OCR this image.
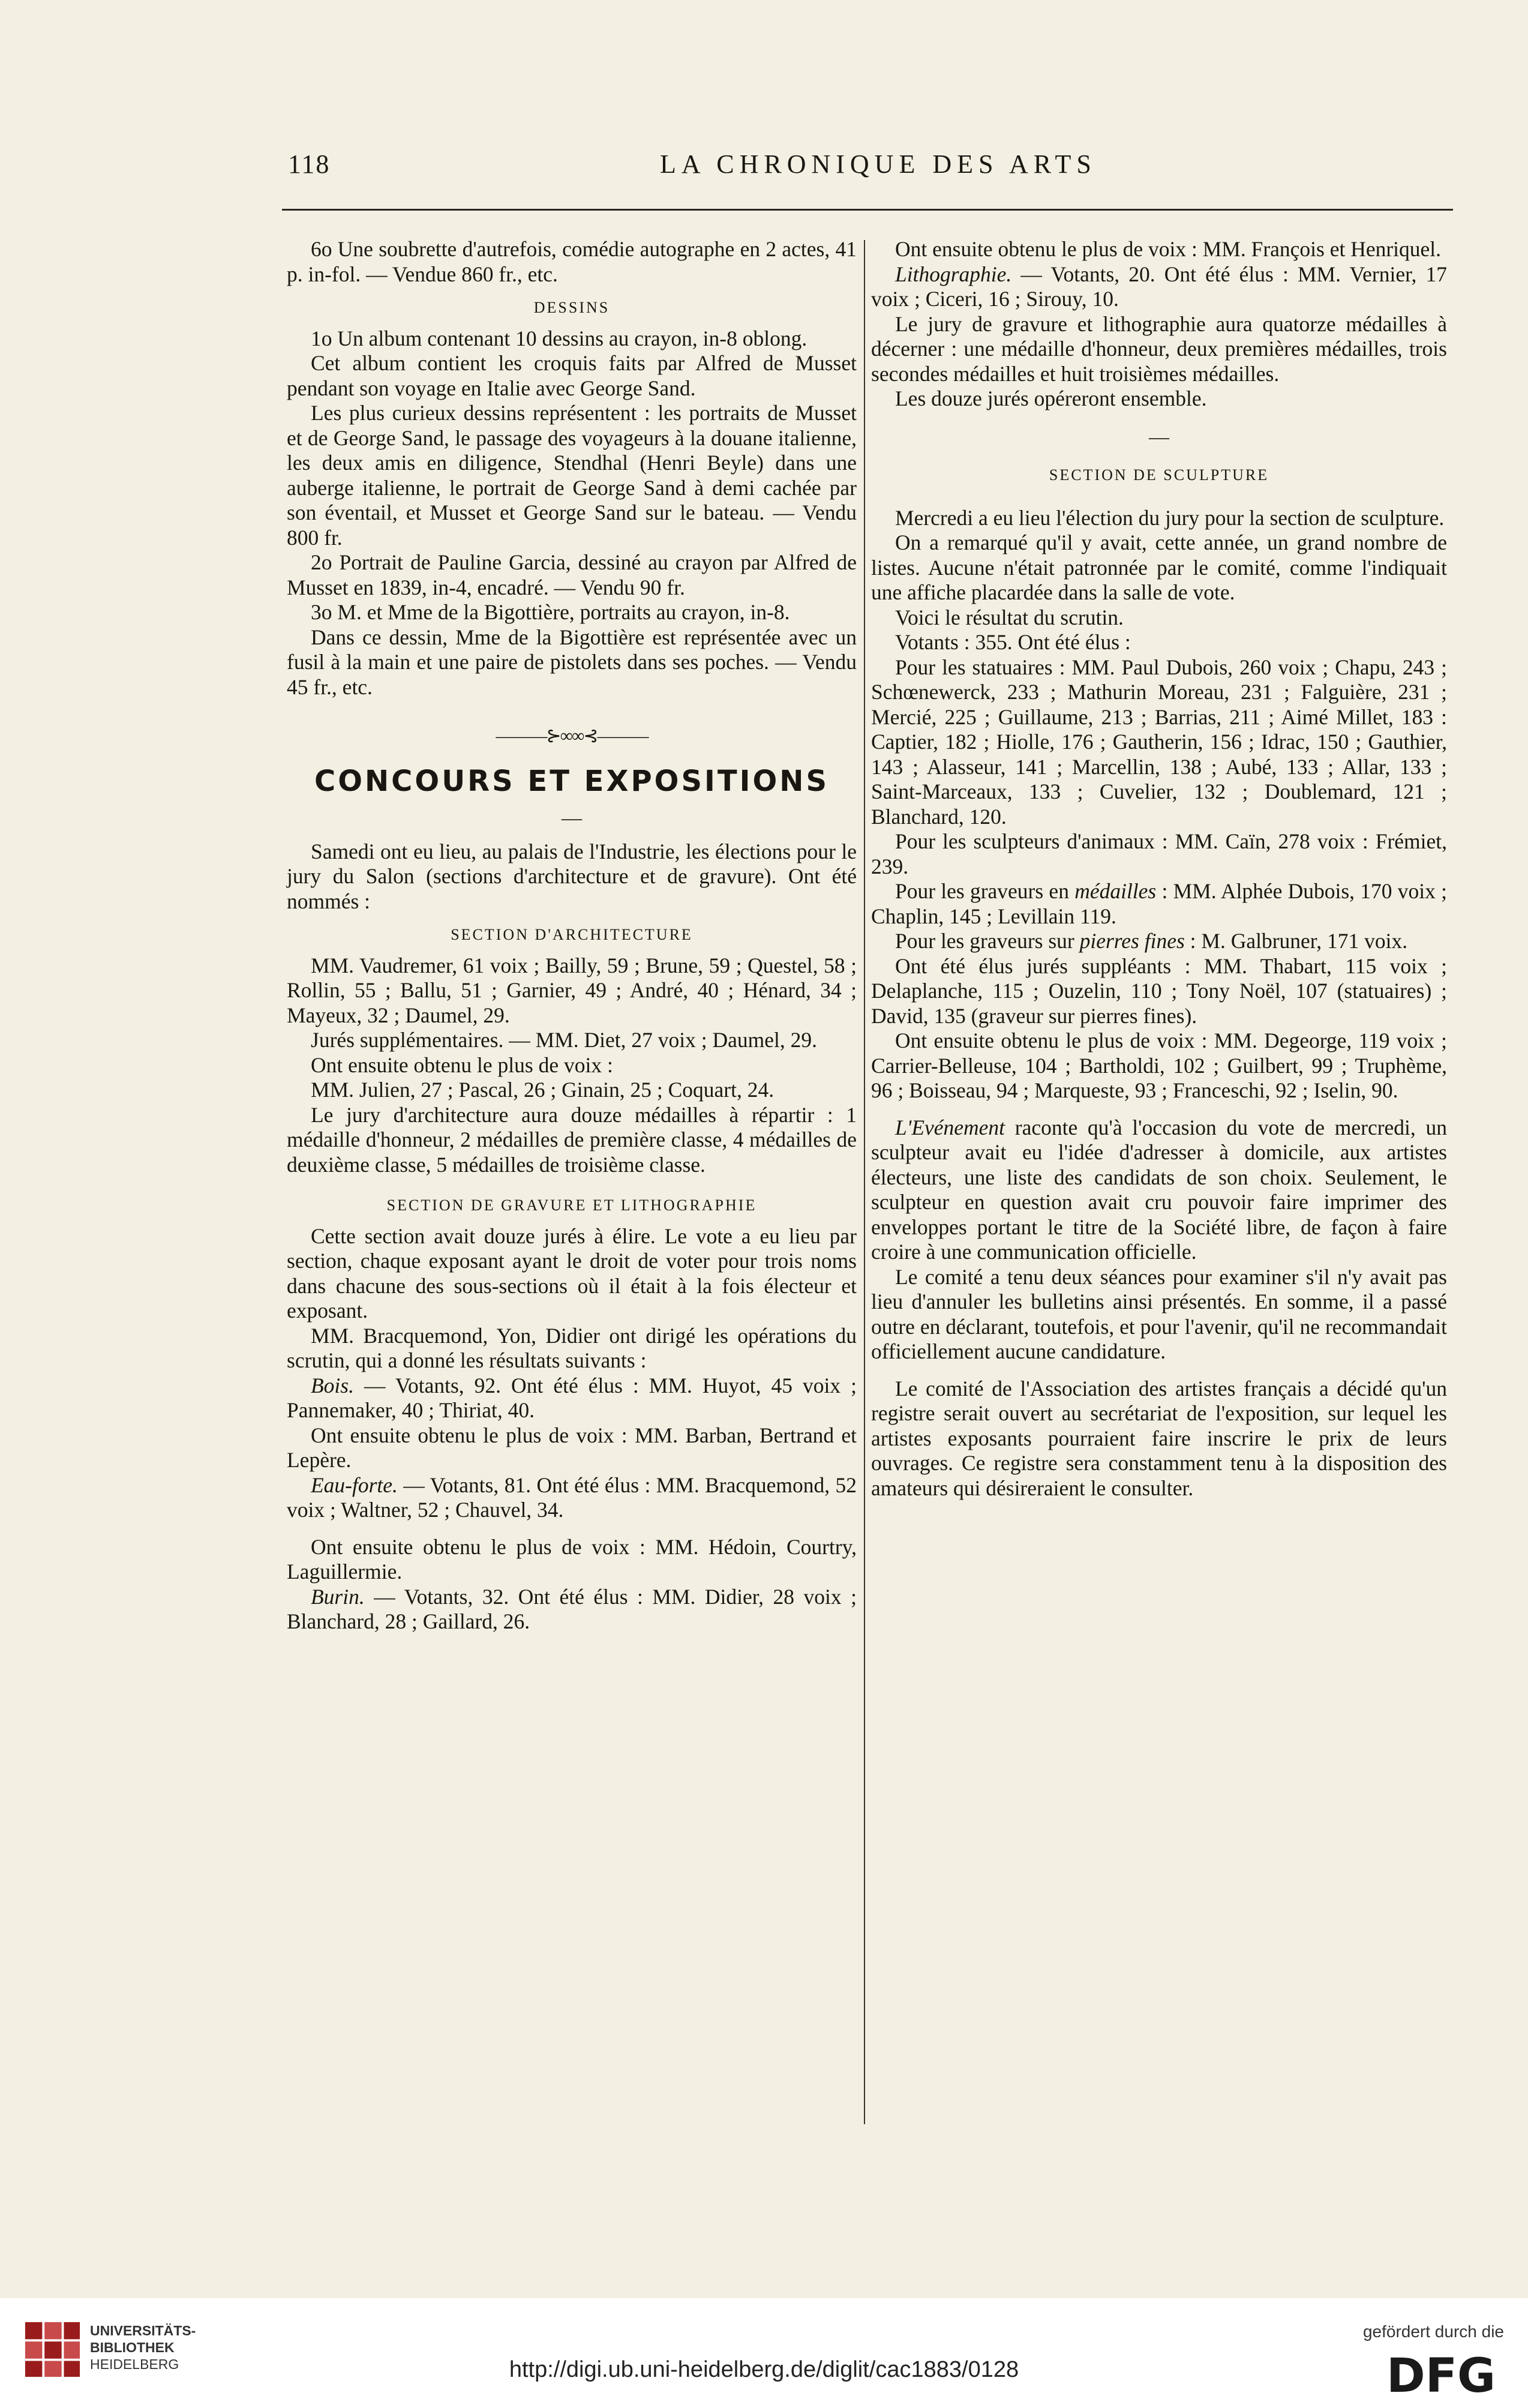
118	LA CHRONIQUE DES ARTS

6o Une soubrette d'autrefois, comédie autographe en 2 actes, 41 p. in-fol. — Vendue 860 fr., etc.

DESSINS

1o Un album contenant 10 dessins au crayon, in-8 oblong.

Cet album contient les croquis faits par Alfred de Musset pendant son voyage en Italie avec George Sand.

Les plus curieux dessins représentent : les portraits de Musset et de George Sand, le passage des voyageurs à la douane italienne, les deux amis en diligence, Stendhal (Henri Beyle) dans une auberge italienne, le portrait de George Sand à demi cachée par son éventail, et Musset et George Sand sur le bateau. — Vendu 800 fr.

2o Portrait de Pauline Garcia, dessiné au crayon par Alfred de Musset en 1839, in-4, encadré. — Vendu 90 fr.

3o M. et Mme de la Bigottière, portraits au crayon, in-8.

Dans ce dessin, Mme de la Bigottière est représentée avec un fusil à la main et une paire de pistolets dans ses poches. — Vendu 45 fr., etc.

———⊱∞∞⊰———
CONCOURS ET EXPOSITIONS
—

Samedi ont eu lieu, au palais de l'Industrie, les élections pour le jury du Salon (sections d'architecture et de gravure). Ont été nommés :

SECTION D'ARCHITECTURE

MM. Vaudremer, 61 voix ; Bailly, 59 ; Brune, 59 ; Questel, 58 ; Rollin, 55 ; Ballu, 51 ; Garnier, 49 ; André, 40 ; Hénard, 34 ; Mayeux, 32 ; Daumel, 29.

Jurés supplémentaires. — MM. Diet, 27 voix ; Daumel, 29.

Ont ensuite obtenu le plus de voix :

MM. Julien, 27 ; Pascal, 26 ; Ginain, 25 ; Coquart, 24.

Le jury d'architecture aura douze médailles à répartir : 1 médaille d'honneur, 2 médailles de première classe, 4 médailles de deuxième classe, 5 médailles de troisième classe.

SECTION DE GRAVURE ET LITHOGRAPHIE

Cette section avait douze jurés à élire. Le vote a eu lieu par section, chaque exposant ayant le droit de voter pour trois noms dans chacune des sous-sections où il était à la fois électeur et exposant.

MM. Bracquemond, Yon, Didier ont dirigé les opérations du scrutin, qui a donné les résultats suivants :

Bois. — Votants, 92. Ont été élus : MM. Huyot, 45 voix ; Pannemaker, 40 ; Thiriat, 40.

Ont ensuite obtenu le plus de voix : MM. Barban, Bertrand et Lepère.

Eau-forte. — Votants, 81. Ont été élus : MM. Bracquemond, 52 voix ; Waltner, 52 ; Chauvel, 34.

Ont ensuite obtenu le plus de voix : MM. Hédoin, Courtry, Laguillermie.

Burin. — Votants, 32. Ont été élus : MM. Didier, 28 voix ; Blanchard, 28 ; Gaillard, 26.

Ont ensuite obtenu le plus de voix : MM. François et Henriquel.

Lithographie. — Votants, 20. Ont été élus : MM. Vernier, 17 voix ; Ciceri, 16 ; Sirouy, 10.

Le jury de gravure et lithographie aura quatorze médailles à décerner : une médaille d'honneur, deux premières médailles, trois secondes médailles et huit troisièmes médailles.

Les douze jurés opéreront ensemble.

—
SECTION DE SCULPTURE

Mercredi a eu lieu l'élection du jury pour la section de sculpture.

On a remarqué qu'il y avait, cette année, un grand nombre de listes. Aucune n'était patronnée par le comité, comme l'indiquait une affiche placardée dans la salle de vote.

Voici le résultat du scrutin.

Votants : 355. Ont été élus :

Pour les statuaires : MM. Paul Dubois, 260 voix ; Chapu, 243 ; Schœnewerck, 233 ; Mathurin Moreau, 231 ; Falguière, 231 ; Mercié, 225 ; Guillaume, 213 ; Barrias, 211 ; Aimé Millet, 183 : Captier, 182 ; Hiolle, 176 ; Gautherin, 156 ; Idrac, 150 ; Gauthier, 143 ; Alasseur, 141 ; Marcellin, 138 ; Aubé, 133 ; Allar, 133 ; Saint-Marceaux, 133 ; Cuvelier, 132 ; Doublemard, 121 ; Blanchard, 120.

Pour les sculpteurs d'animaux : MM. Caïn, 278 voix : Frémiet, 239.

Pour les graveurs en médailles : MM. Alphée Dubois, 170 voix ; Chaplin, 145 ; Levillain 119.

Pour les graveurs sur pierres fines : M. Galbruner, 171 voix.

Ont été élus jurés suppléants : MM. Thabart, 115 voix ; Delaplanche, 115 ; Ouzelin, 110 ; Tony Noël, 107 (statuaires) ; David, 135 (graveur sur pierres fines).

Ont ensuite obtenu le plus de voix : MM. Degeorge, 119 voix ; Carrier-Belleuse, 104 ; Bartholdi, 102 ; Guilbert, 99 ; Truphème, 96 ; Boisseau, 94 ; Marqueste, 93 ; Franceschi, 92 ; Iselin, 90.

L'Evénement raconte qu'à l'occasion du vote de mercredi, un sculpteur avait eu l'idée d'adresser à domicile, aux artistes électeurs, une liste des candidats de son choix. Seulement, le sculpteur en question avait cru pouvoir faire imprimer des enveloppes portant le titre de la Société libre, de façon à faire croire à une communication officielle.

Le comité a tenu deux séances pour examiner s'il n'y avait pas lieu d'annuler les bulletins ainsi présentés. En somme, il a passé outre en déclarant, toutefois, et pour l'avenir, qu'il ne recommandait officiellement aucune candidature.

Le comité de l'Association des artistes français a décidé qu'un registre serait ouvert au secrétariat de l'exposition, sur lequel les artistes exposants pourraient faire inscrire le prix de leurs ouvrages. Ce registre sera constamment tenu à la disposition des amateurs qui désireraient le consulter.

UNIVERSITÄTS-
BIBLIOTHEK
HEIDELBERG	http://digi.ub.uni-heidelberg.de/diglit/cac1883/0128
gefördert durch die
DFG
